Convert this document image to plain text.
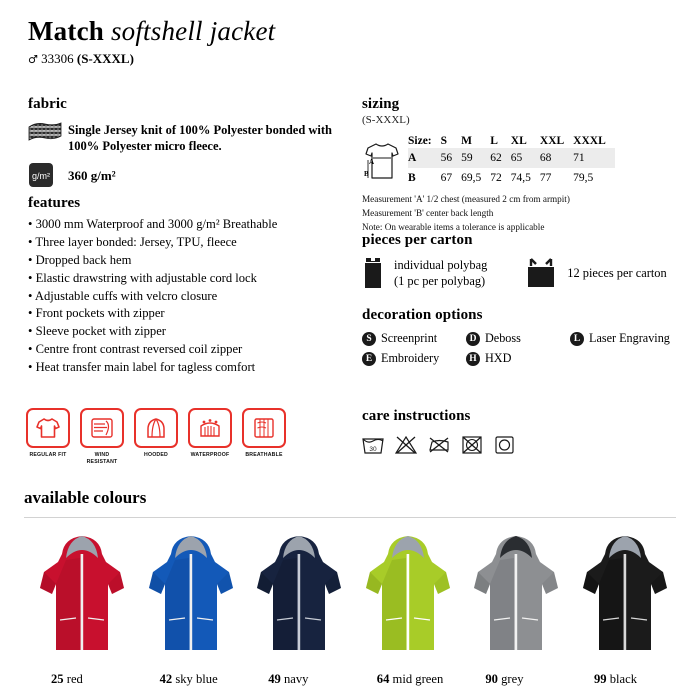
Match softshell jacket
♂ 33306 (S-XXXL)
fabric
Single Jersey knit of 100% Polyester bonded with 100% Polyester micro fleece.
g/m² 360 g/m²
features
• 3000 mm Waterproof and 3000 g/m² Breathable
• Three layer bonded: Jersey, TPU, fleece
• Dropped back hem
• Elastic drawstring with adjustable cord lock
• Adjustable cuffs with velcro closure
• Front pockets with zipper
• Sleeve pocket with zipper
• Centre front contrast reversed coil zipper
• Heat transfer main label for tagless comfort
REGULAR FIT	WIND RESISTANT
HOODED	WATERPROOF	BREATHABLE
sizing
(S-XXXL)
A
B
Size:	S	M	L	XL	XXL	XXXL
A	56	59	62	65	68	71
B	67	69,5	72	74,5	77	79,5
Measurement 'A' 1/2 chest (measured 2 cm from armpit)
Measurement 'B' center back length
Note: On wearable items a tolerance is applicable
pieces per carton
individual polybag
(1 pc per polybag)
12 pieces per carton
decoration options
S Screenprint	D Deboss	L Laser Engraving
E Embroidery	H HXD
care instructions
30
available colours
25 red	42 sky blue	49 navy	64 mid green	90 grey	99 black
